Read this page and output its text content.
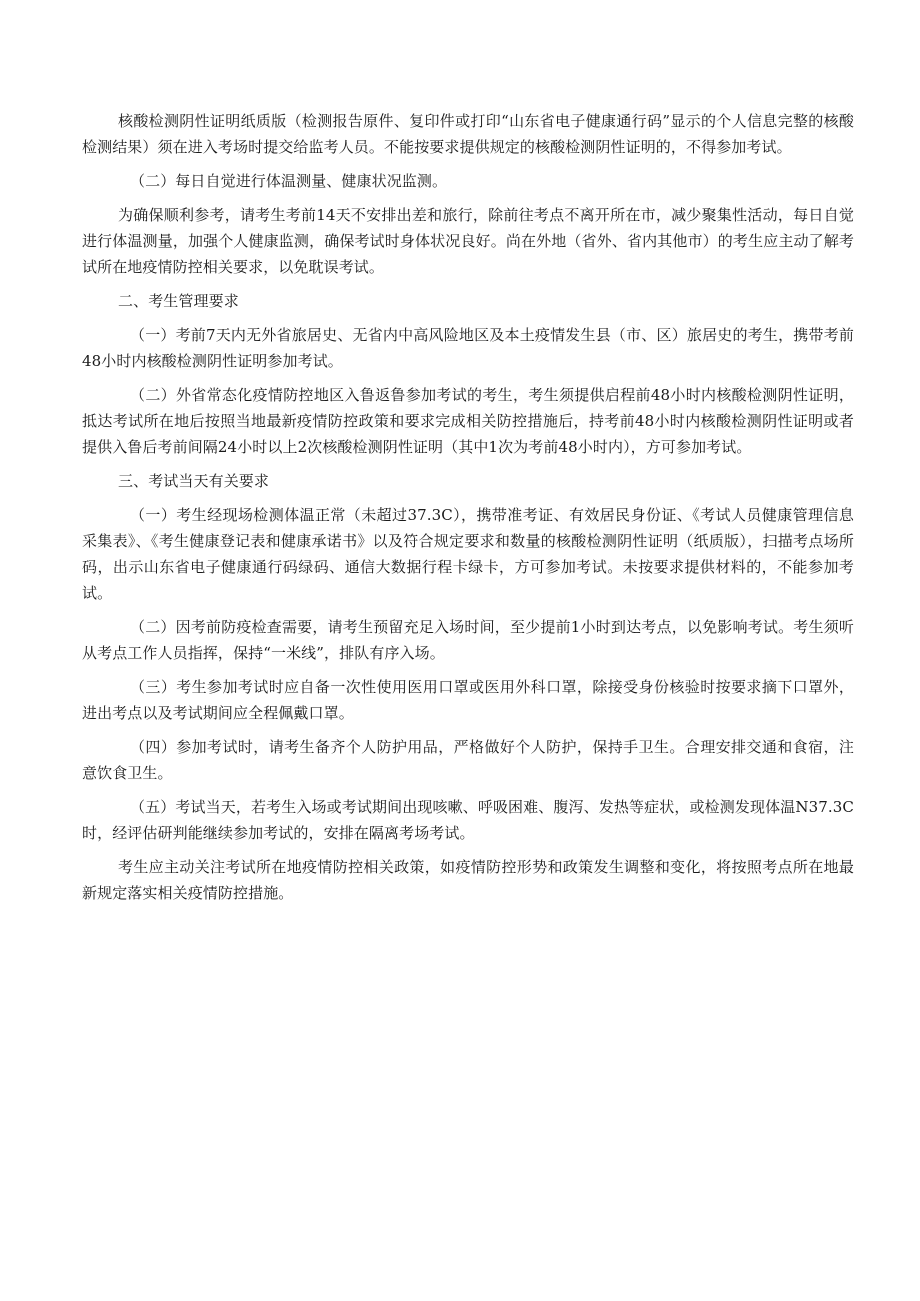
核酸检测阴性证明纸质版（检测报告原件、复印件或打印“山东省电子健康通行码”显示的个人信息完整的核酸检测结果）须在进入考场时提交给监考人员。不能按要求提供规定的核酸检测阴性证明的，不得参加考试。

（二）每日自觉进行体温测量、健康状况监测。

为确保顺利参考，请考生考前14天不安排出差和旅行，除前往考点不离开所在市，减少聚集性活动，每日自觉进行体温测量，加强个人健康监测，确保考试时身体状况良好。尚在外地（省外、省内其他市）的考生应主动了解考试所在地疫情防控相关要求，以免耽误考试。

二、考生管理要求

（一）考前7天内无外省旅居史、无省内中高风险地区及本土疫情发生县（市、区）旅居史的考生，携带考前48小时内核酸检测阴性证明参加考试。

（二）外省常态化疫情防控地区入鲁返鲁参加考试的考生，考生须提供启程前48小时内核酸检测阴性证明，抵达考试所在地后按照当地最新疫情防控政策和要求完成相关防控措施后，持考前48小时内核酸检测阴性证明或者提供入鲁后考前间隔24小时以上2次核酸检测阴性证明（其中1次为考前48小时内），方可参加考试。

三、考试当天有关要求

（一）考生经现场检测体温正常（未超过37.3C），携带准考证、有效居民身份证、《考试人员健康管理信息采集表》、《考生健康登记表和健康承诺书》以及符合规定要求和数量的核酸检测阴性证明（纸质版），扫描考点场所码，出示山东省电子健康通行码绿码、通信大数据行程卡绿卡，方可参加考试。未按要求提供材料的，不能参加考试。

（二）因考前防疫检查需要，请考生预留充足入场时间，至少提前1小时到达考点，以免影响考试。考生须听从考点工作人员指挥，保持“一米线”，排队有序入场。

（三）考生参加考试时应自备一次性使用医用口罩或医用外科口罩，除接受身份核验时按要求摘下口罩外，进出考点以及考试期间应全程佩戴口罩。

（四）参加考试时，请考生备齐个人防护用品，严格做好个人防护，保持手卫生。合理安排交通和食宿，注意饮食卫生。

（五）考试当天，若考生入场或考试期间出现咳嗽、呼吸困难、腹泻、发热等症状，或检测发现体温N37.3C时，经评估研判能继续参加考试的，安排在隔离考场考试。

考生应主动关注考试所在地疫情防控相关政策，如疫情防控形势和政策发生调整和变化，将按照考点所在地最新规定落实相关疫情防控措施。
